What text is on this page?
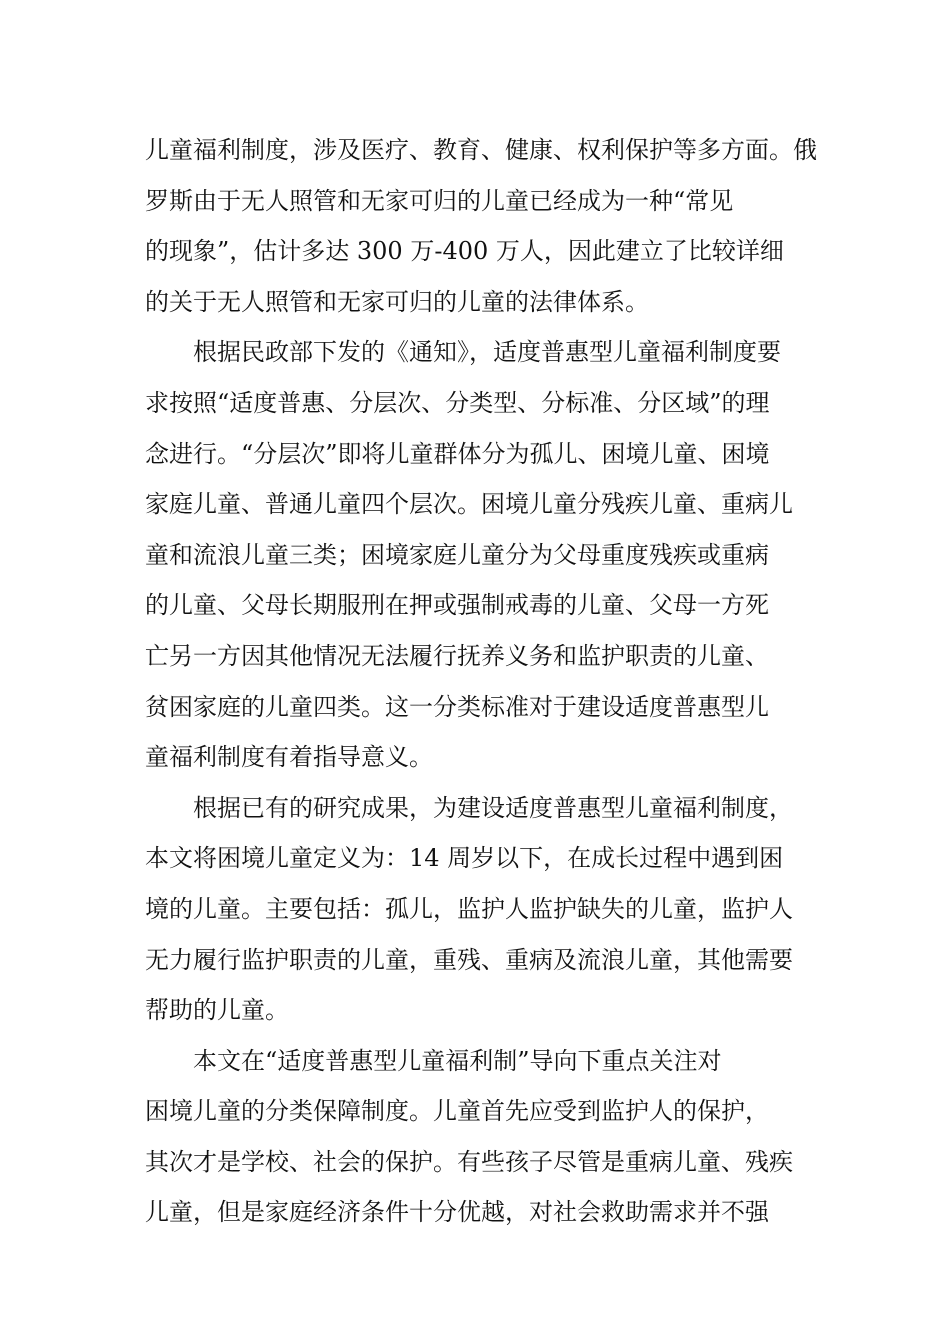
儿童福利制度，涉及医疗、教育、健康、权利保护等多方面。俄
罗斯由于无人照管和无家可归的儿童已经成为一种“常见
的现象”，估计多达 300 万-400 万人，因此建立了比较详细
的关于无人照管和无家可归的儿童的法律体系。
根据民政部下发的《通知》，适度普惠型儿童福利制度要
求按照“适度普惠、分层次、分类型、分标准、分区域”的理
念进行。“分层次”即将儿童群体分为孤儿、困境儿童、困境
家庭儿童、普通儿童四个层次。困境儿童分残疾儿童、重病儿
童和流浪儿童三类；困境家庭儿童分为父母重度残疾或重病
的儿童、父母长期服刑在押或强制戒毒的儿童、父母一方死
亡另一方因其他情况无法履行抚养义务和监护职责的儿童、
贫困家庭的儿童四类。这一分类标准对于建设适度普惠型儿
童福利制度有着指导意义。
根据已有的研究成果，为建设适度普惠型儿童福利制度，
本文将困境儿童定义为：14 周岁以下，在成长过程中遇到困
境的儿童。主要包括：孤儿，监护人监护缺失的儿童，监护人
无力履行监护职责的儿童，重残、重病及流浪儿童，其他需要
帮助的儿童。
本文在“适度普惠型儿童福利制”导向下重点关注对
困境儿童的分类保障制度。儿童首先应受到监护人的保护，
其次才是学校、社会的保护。有些孩子尽管是重病儿童、残疾
儿童，但是家庭经济条件十分优越，对社会救助需求并不强
